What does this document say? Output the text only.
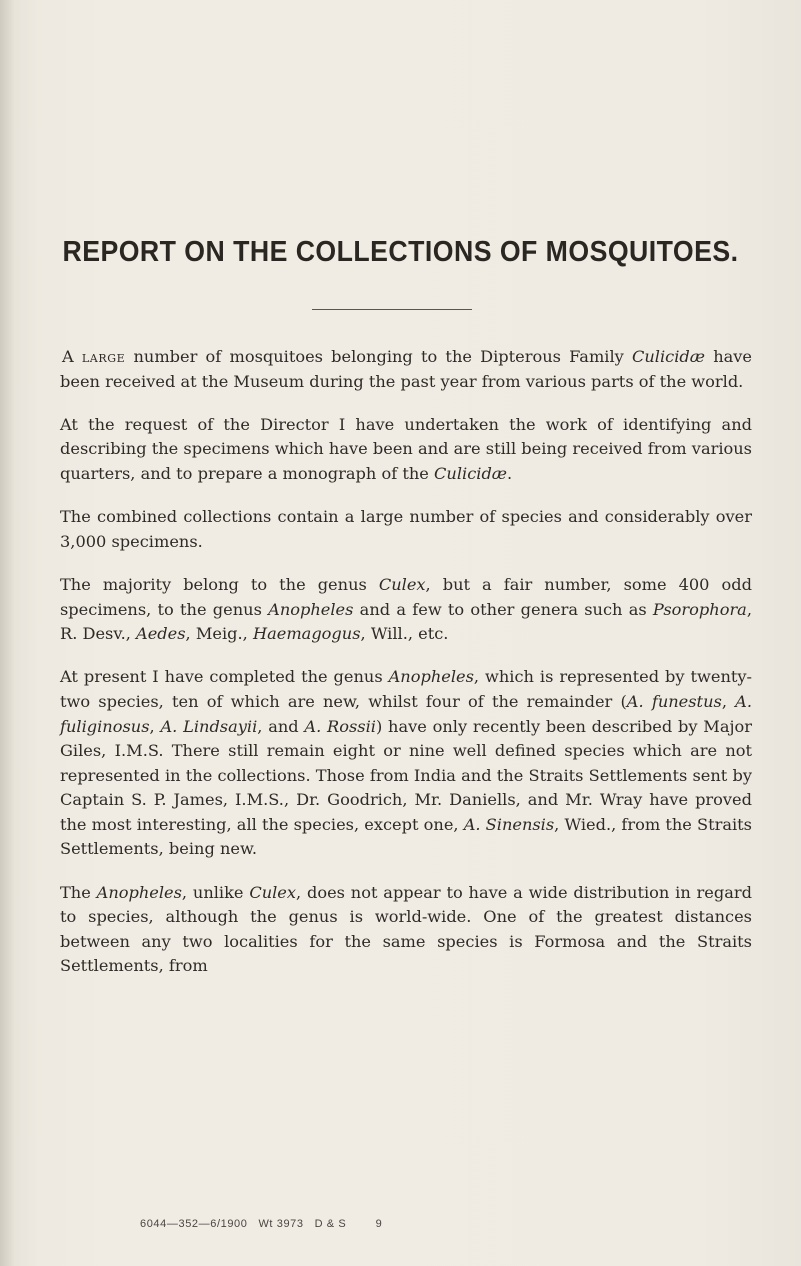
REPORT ON THE COLLECTIONS OF MOSQUITOES.

A large number of mosquitoes belonging to the Dipterous Family Culicidæ have been received at the Museum during the past year from various parts of the world.

At the request of the Director I have undertaken the work of identifying and describing the specimens which have been and are still being received from various quarters, and to prepare a monograph of the Culicidæ.

The combined collections contain a large number of species and considerably over 3,000 specimens.

The majority belong to the genus Culex, but a fair number, some 400 odd specimens, to the genus Anopheles and a few to other genera such as Psorophora, R. Desv., Aedes, Meig., Haemagogus, Will., etc.

At present I have completed the genus Anopheles, which is represented by twenty-two species, ten of which are new, whilst four of the remainder (A. funestus, A. fuliginosus, A. Lindsayii, and A. Rossii) have only recently been described by Major Giles, I.M.S. There still remain eight or nine well defined species which are not represented in the collections. Those from India and the Straits Settlements sent by Captain S. P. James, I.M.S., Dr. Goodrich, Mr. Daniells, and Mr. Wray have proved the most interesting, all the species, except one, A. Sinensis, Wied., from the Straits Settlements, being new.

The Anopheles, unlike Culex, does not appear to have a wide distribution in regard to species, although the genus is world-wide. One of the greatest distances between any two localities for the same species is Formosa and the Straits Settlements, from

6044—352—6/1900 Wt 3973 D & S	9
